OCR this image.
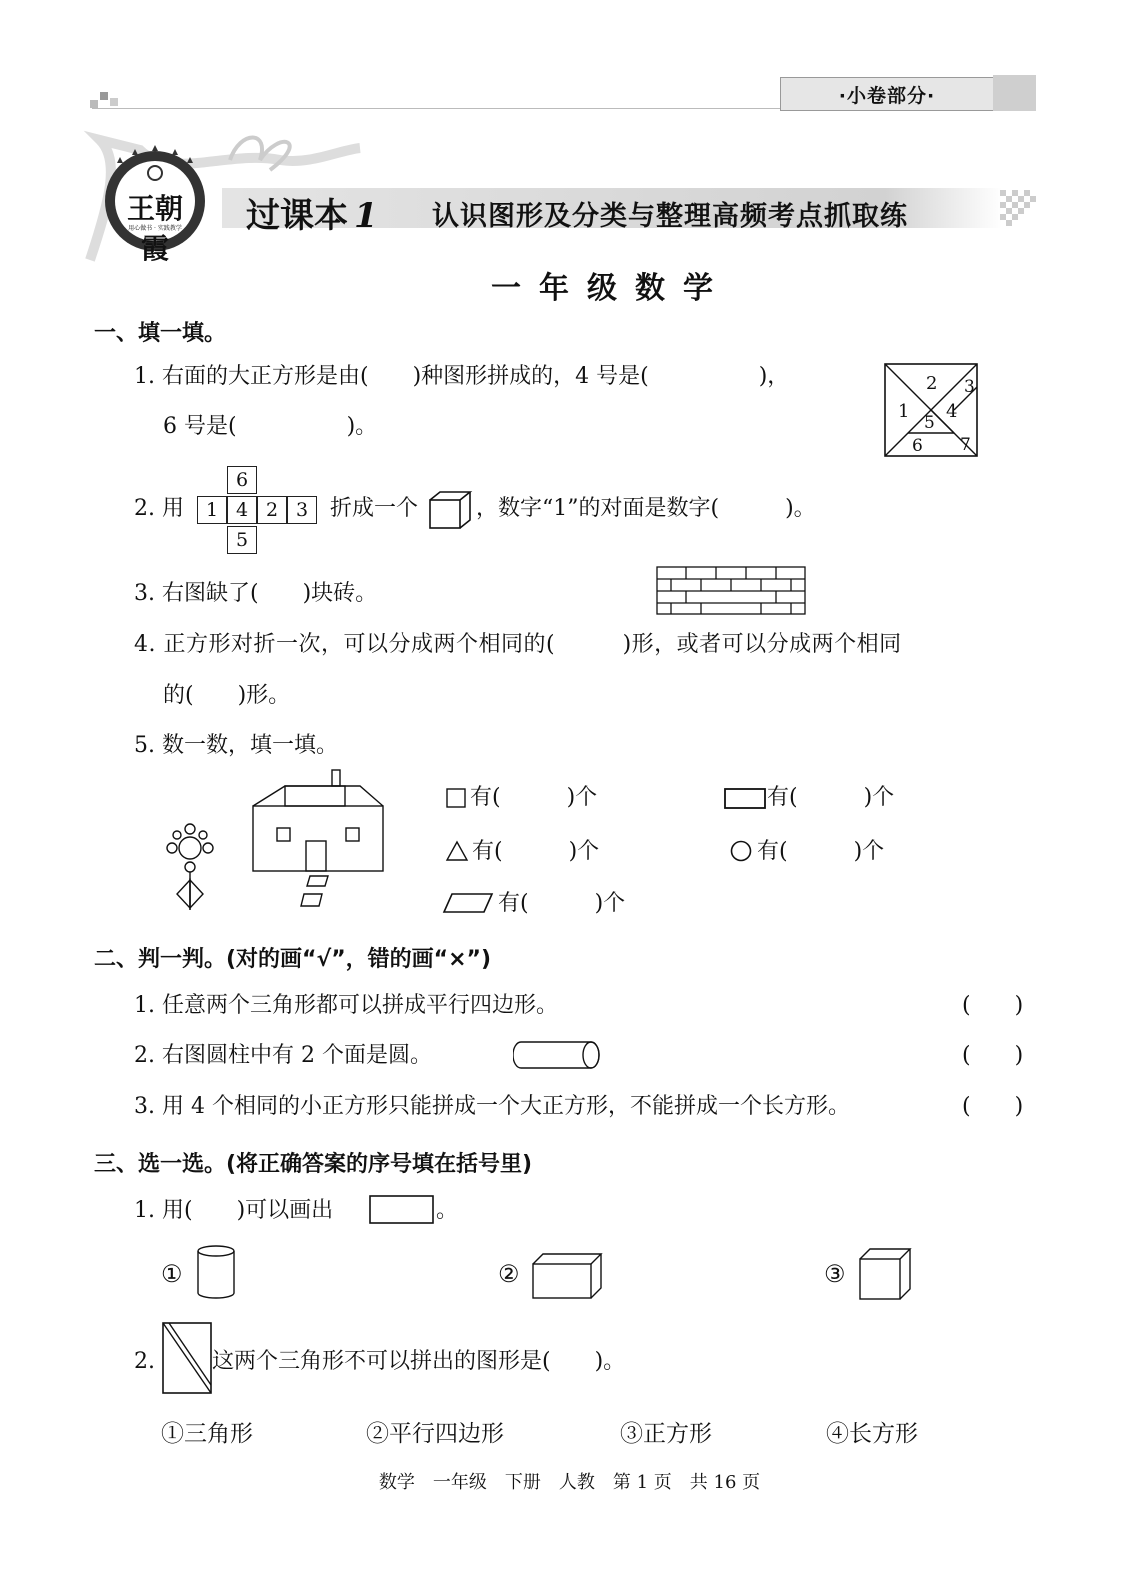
·小卷部分·
王朝霞
用心做书 · 实践教学 过课本 1 认识图形及分类与整理高频考点抓取练
一年级数学
一、填一填。
1. 右面的大正方形是由(　　)种图形拼成的，4 号是(　　　　　)，
6 号是(　　　　　)。
2 3
1 4
5
6 7
2. 用
6
1 4 2 3
5
折成一个	，数字“1”的对面是数字(　　　)。
3. 右图缺了(　　)块砖。
4. 正方形对折一次，可以分成两个相同的(　　　)形，或者可以分成两个相同
的(　　)形。
5. 数一数，填一填。
有(　　　)个	有(　　　)个
有(　　　)个	有(　　　)个
有(　　　)个
二、判一判。(对的画“√”，错的画“×”)
1. 任意两个三角形都可以拼成平行四边形。	(　　)
2. 右图圆柱中有 2 个面是圆。	(　　)
3. 用 4 个相同的小正方形只能拼成一个大正方形，不能拼成一个长方形。	(　　)
三、选一选。(将正确答案的序号填在括号里)
1. 用(　　)可以画出	。
①	②	③
2.	这两个三角形不可以拼出的图形是(　　)。
①三角形	②平行四边形	③正方形	④长方形
数学　一年级　下册　人教　第 1 页　共 16 页
